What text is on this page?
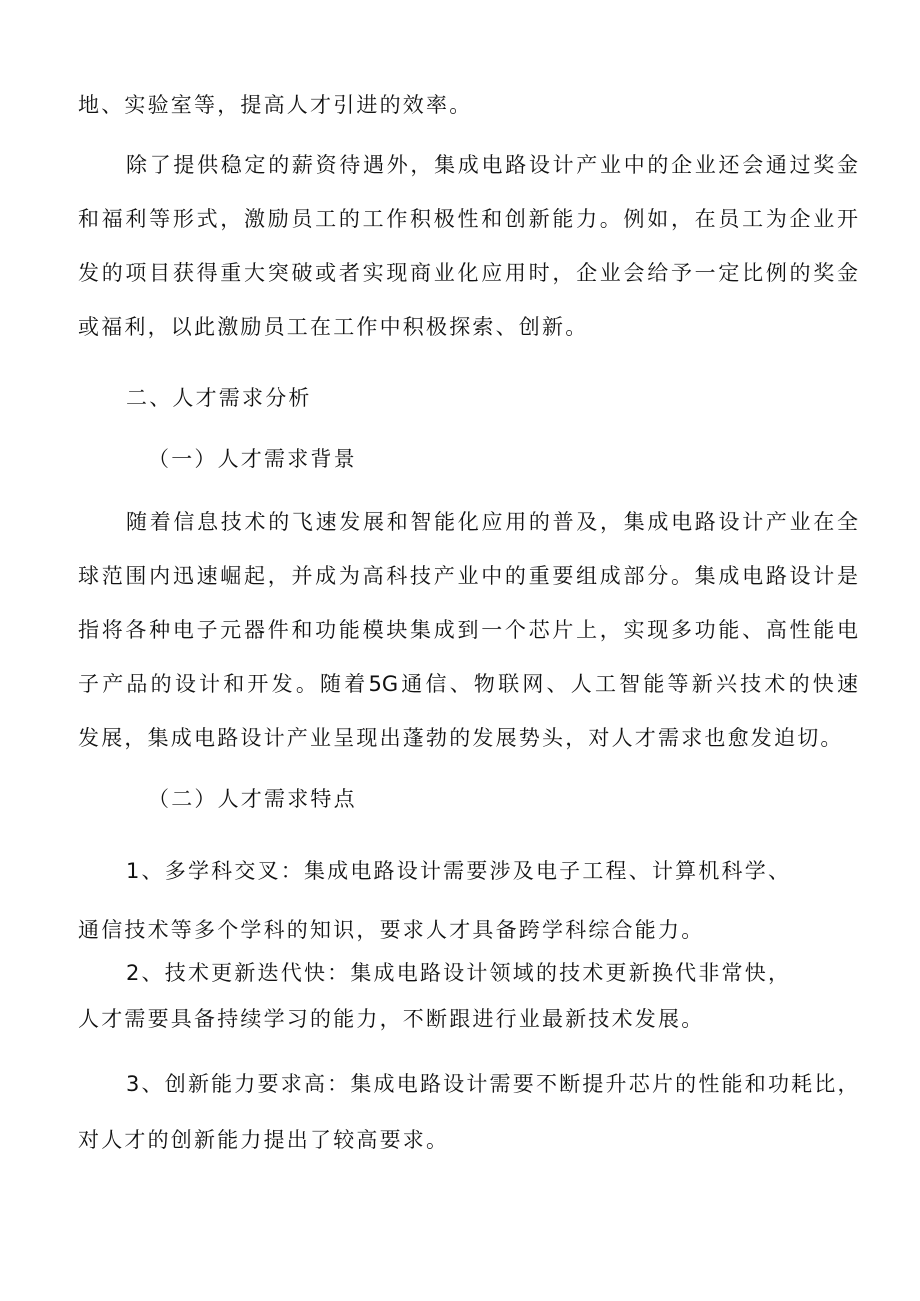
地、实验室等，提高人才引进的效率。
除了提供稳定的薪资待遇外，集成电路设计产业中的企业还会通过奖金
和福利等形式，激励员工的工作积极性和创新能力。例如，在员工为企业开
发的项目获得重大突破或者实现商业化应用时，企业会给予一定比例的奖金
或福利，以此激励员工在工作中积极探索、创新。
二、人才需求分析
（一）人才需求背景
随着信息技术的飞速发展和智能化应用的普及，集成电路设计产业在全
球范围内迅速崛起，并成为高科技产业中的重要组成部分。集成电路设计是
指将各种电子元器件和功能模块集成到一个芯片上，实现多功能、高性能电
子产品的设计和开发。随着5G通信、物联网、人工智能等新兴技术的快速
发展，集成电路设计产业呈现出蓬勃的发展势头，对人才需求也愈发迫切。
（二）人才需求特点
1、多学科交叉：集成电路设计需要涉及电子工程、计算机科学、
通信技术等多个学科的知识，要求人才具备跨学科综合能力。
2、技术更新迭代快：集成电路设计领域的技术更新换代非常快，
人才需要具备持续学习的能力，不断跟进行业最新技术发展。
3、创新能力要求高：集成电路设计需要不断提升芯片的性能和功耗比，
对人才的创新能力提出了较高要求。
